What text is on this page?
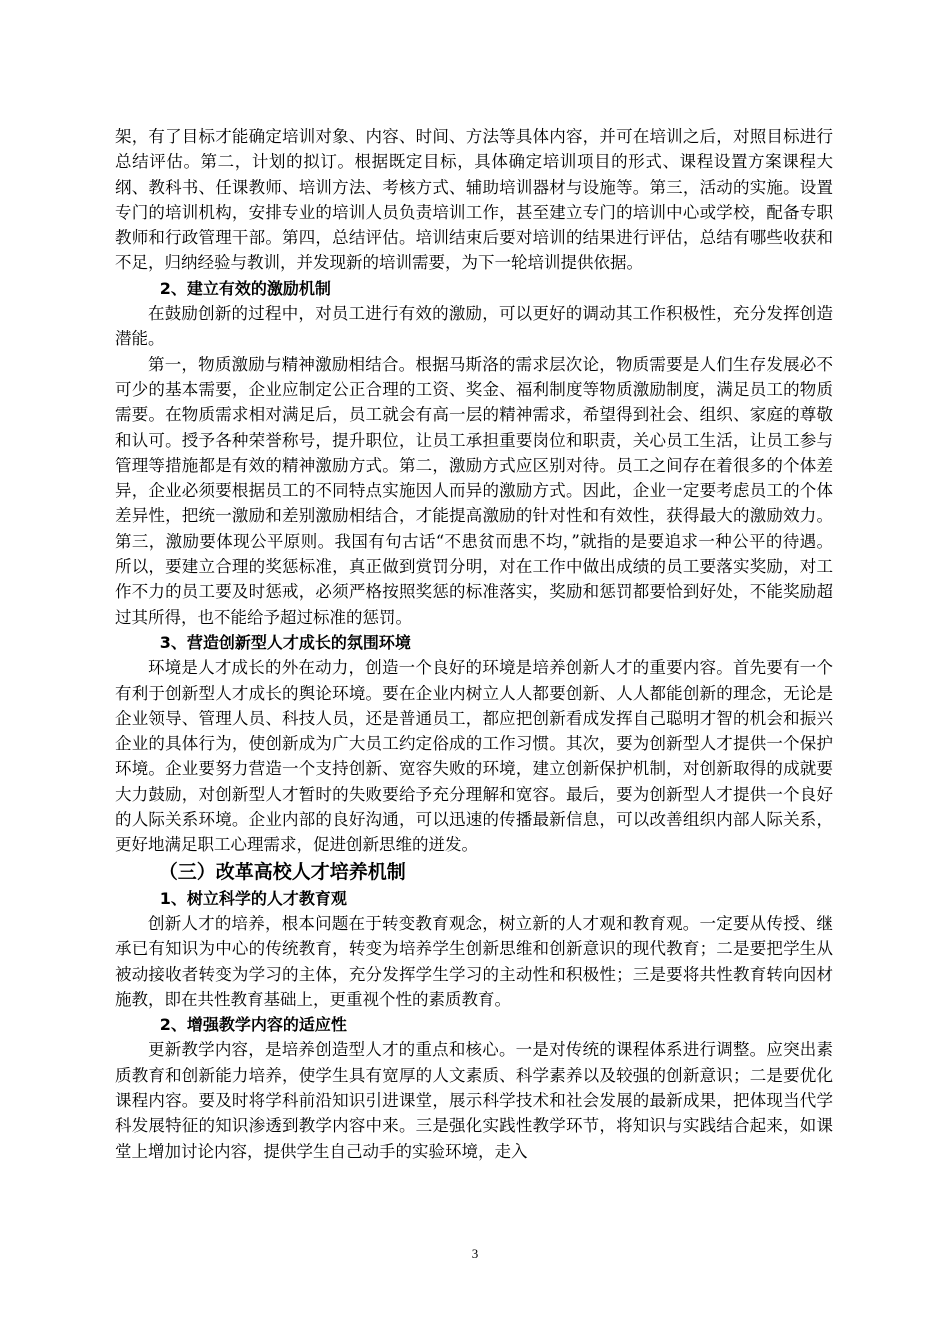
架，有了目标才能确定培训对象、内容、时间、方法等具体内容，并可在培训之后，对照目标进行总结评估。第二，计划的拟订。根据既定目标，具体确定培训项目的形式、课程设置方案课程大纲、教科书、任课教师、培训方法、考核方式、辅助培训器材与设施等。第三，活动的实施。设置专门的培训机构，安排专业的培训人员负责培训工作，甚至建立专门的培训中心或学校，配备专职教师和行政管理干部。第四，总结评估。培训结束后要对培训的结果进行评估，总结有哪些收获和不足，归纳经验与教训，并发现新的培训需要，为下一轮培训提供依据。

2、建立有效的激励机制

在鼓励创新的过程中，对员工进行有效的激励，可以更好的调动其工作积极性，充分发挥创造潜能。

第一，物质激励与精神激励相结合。根据马斯洛的需求层次论，物质需要是人们生存发展必不可少的基本需要，企业应制定公正合理的工资、奖金、福利制度等物质激励制度，满足员工的物质需要。在物质需求相对满足后，员工就会有高一层的精神需求，希望得到社会、组织、家庭的尊敬和认可。授予各种荣誉称号，提升职位，让员工承担重要岗位和职责，关心员工生活，让员工参与管理等措施都是有效的精神激励方式。第二，激励方式应区别对待。员工之间存在着很多的个体差异，企业必须要根据员工的不同特点实施因人而异的激励方式。因此，企业一定要考虑员工的个体差异性，把统一激励和差别激励相结合，才能提高激励的针对性和有效性，获得最大的激励效力。第三，激励要体现公平原则。我国有句古话“不患贫而患不均，”就指的是要追求一种公平的待遇。所以，要建立合理的奖惩标准，真正做到赏罚分明，对在工作中做出成绩的员工要落实奖励，对工作不力的员工要及时惩戒，必须严格按照奖惩的标准落实，奖励和惩罚都要恰到好处，不能奖励超过其所得，也不能给予超过标准的惩罚。

3、营造创新型人才成长的氛围环境

环境是人才成长的外在动力，创造一个良好的环境是培养创新人才的重要内容。首先要有一个有利于创新型人才成长的舆论环境。要在企业内树立人人都要创新、人人都能创新的理念，无论是企业领导、管理人员、科技人员，还是普通员工，都应把创新看成发挥自己聪明才智的机会和振兴企业的具体行为，使创新成为广大员工约定俗成的工作习惯。其次，要为创新型人才提供一个保护环境。企业要努力营造一个支持创新、宽容失败的环境，建立创新保护机制，对创新取得的成就要大力鼓励，对创新型人才暂时的失败要给予充分理解和宽容。最后，要为创新型人才提供一个良好的人际关系环境。企业内部的良好沟通，可以迅速的传播最新信息，可以改善组织内部人际关系，更好地满足职工心理需求，促进创新思维的迸发。

（三）改革高校人才培养机制

1、树立科学的人才教育观

创新人才的培养，根本问题在于转变教育观念，树立新的人才观和教育观。一定要从传授、继承已有知识为中心的传统教育，转变为培养学生创新思维和创新意识的现代教育；二是要把学生从被动接收者转变为学习的主体，充分发挥学生学习的主动性和积极性；三是要将共性教育转向因材施教，即在共性教育基础上，更重视个性的素质教育。

2、增强教学内容的适应性

更新教学内容，是培养创造型人才的重点和核心。一是对传统的课程体系进行调整。应突出素质教育和创新能力培养，使学生具有宽厚的人文素质、科学素养以及较强的创新意识；二是要优化课程内容。要及时将学科前沿知识引进课堂，展示科学技术和社会发展的最新成果，把体现当代学科发展特征的知识渗透到教学内容中来。三是强化实践性教学环节，将知识与实践结合起来，如课堂上增加讨论内容，提供学生自己动手的实验环境，走入

3
